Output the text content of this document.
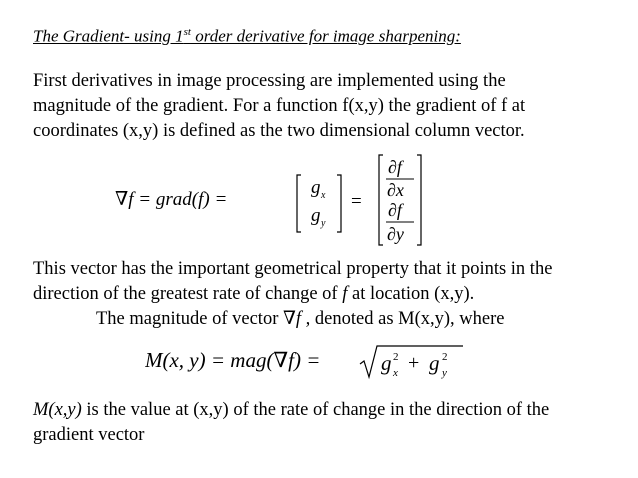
The Gradient- using 1st order derivative for image sharpening:
First derivatives in image processing are implemented using the
magnitude of the gradient. For a function f(x,y) the gradient of f at
coordinates (x,y) is defined as the two dimensional column vector.
∇f = grad(f) =
g x
g y
=
∂f
∂x
∂f
∂y
This vector has the important geometrical property that it points in the
direction of the greatest rate of change of f at location (x,y).
The magnitude of vector ∇f , denoted as M(x,y), where
M(x, y) = mag(∇f) =	g 2
x + g 2
y
M(x,y) is the value at (x,y) of the rate of change in the direction of the
gradient vector
